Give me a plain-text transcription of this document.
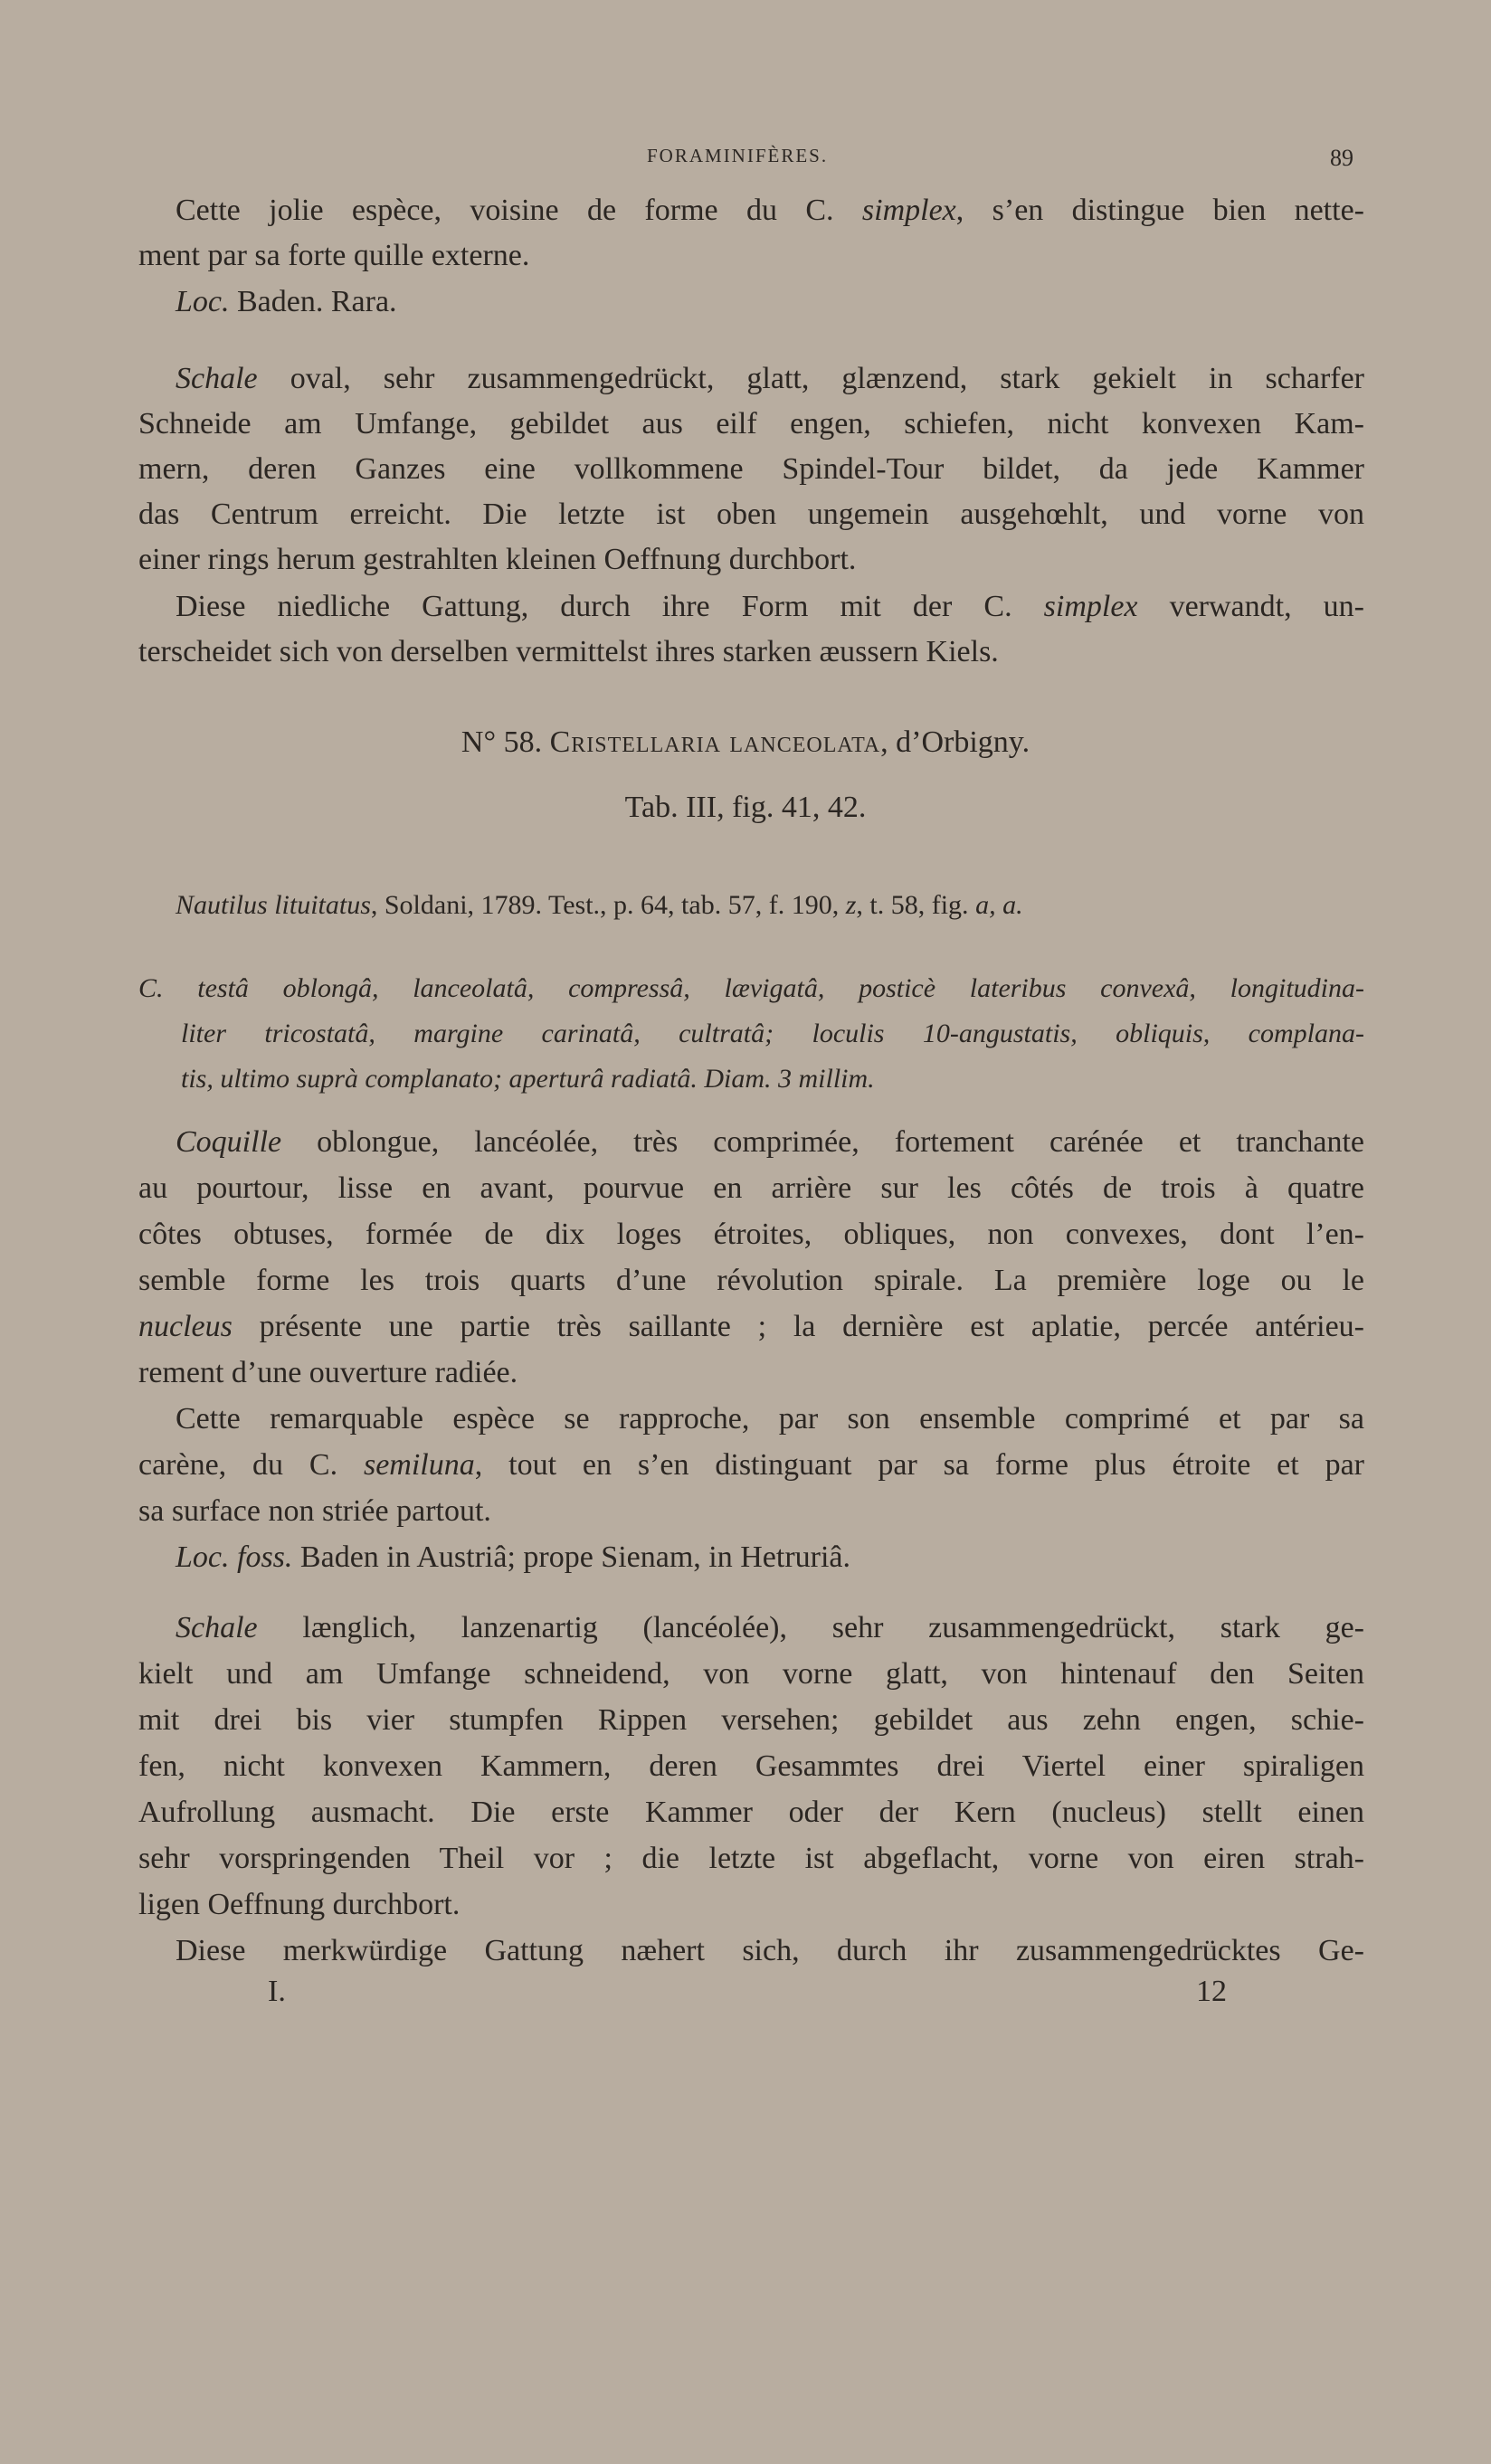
FORAMINIFÈRES.	89
Cette jolie espèce, voisine de forme du C. simplex, s’en distingue bien nette-
ment par sa forte quille externe.
Loc. Baden. Rara.
Schale oval, sehr zusammengedrückt, glatt, glænzend, stark gekielt in scharfer
Schneide am Umfange, gebildet aus eilf engen, schiefen, nicht konvexen Kam-
mern, deren Ganzes eine vollkommene Spindel-Tour bildet, da jede Kammer
das Centrum erreicht. Die letzte ist oben ungemein ausgehœhlt, und vorne von
einer rings herum gestrahlten kleinen Oeffnung durchbort.
Diese niedliche Gattung, durch ihre Form mit der C. simplex verwandt, un-
terscheidet sich von derselben vermittelst ihres starken æussern Kiels.
N° 58. Cristellaria lanceolata, d’Orbigny.
Tab. III, fig. 41, 42.
Nautilus lituitatus, Soldani, 1789. Test., p. 64, tab. 57, f. 190, z, t. 58, fig. a, a.
C. testâ oblongâ, lanceolatâ, compressâ, lævigatâ, posticè lateribus convexâ, longitudina-
liter tricostatâ, margine carinatâ, cultratâ; loculis 10-angustatis, obliquis, complana-
tis, ultimo suprà complanato; aperturâ radiatâ. Diam. 3 millim.
Coquille oblongue, lancéolée, très comprimée, fortement carénée et tranchante
au pourtour, lisse en avant, pourvue en arrière sur les côtés de trois à quatre
côtes obtuses, formée de dix loges étroites, obliques, non convexes, dont l’en-
semble forme les trois quarts d’une révolution spirale. La première loge ou le
nucleus présente une partie très saillante ; la dernière est aplatie, percée antérieu-
rement d’une ouverture radiée.
Cette remarquable espèce se rapproche, par son ensemble comprimé et par sa
carène, du C. semiluna, tout en s’en distinguant par sa forme plus étroite et par
sa surface non striée partout.
Loc. foss. Baden in Austriâ; prope Sienam, in Hetruriâ.
Schale længlich, lanzenartig (lancéolée), sehr zusammengedrückt, stark ge-
kielt und am Umfange schneidend, von vorne glatt, von hintenauf den Seiten
mit drei bis vier stumpfen Rippen versehen; gebildet aus zehn engen, schie-
fen, nicht konvexen Kammern, deren Gesammtes drei Viertel einer spiraligen
Aufrollung ausmacht. Die erste Kammer oder der Kern (nucleus) stellt einen
sehr vorspringenden Theil vor ; die letzte ist abgeflacht, vorne von eiren strah-
ligen Oeffnung durchbort.
Diese merkwürdige Gattung næhert sich, durch ihr zusammengedrücktes Ge-
I.	12
